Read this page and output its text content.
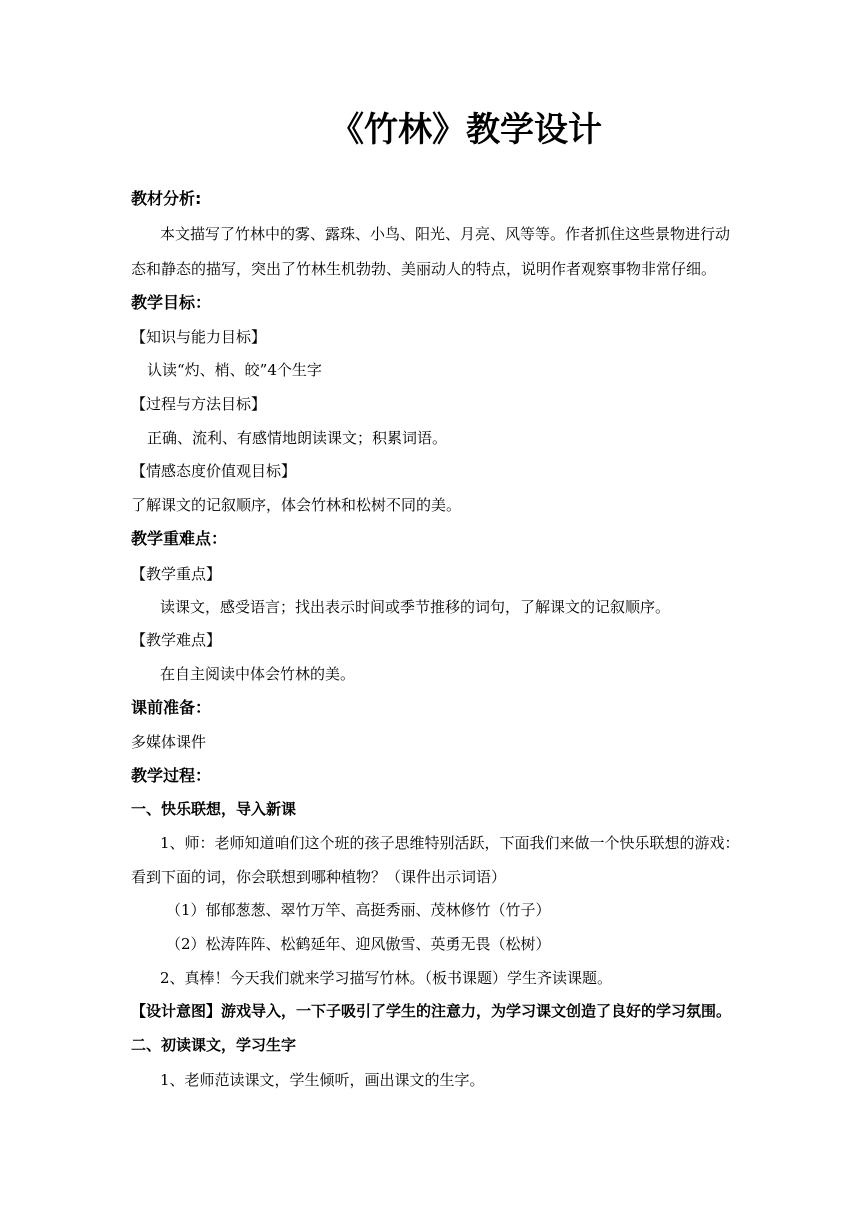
《竹林》教学设计
教材分析:
本文描写了竹林中的雾、露珠、小鸟、阳光、月亮、风等等。作者抓住这些景物进行动
态和静态的描写，突出了竹林生机勃勃、美丽动人的特点，说明作者观察事物非常仔细。
教学目标：
【知识与能力目标】
认读“灼、梢、皎”4个生字
【过程与方法目标】
正确、流利、有感情地朗读课文；积累词语。
【情感态度价值观目标】
了解课文的记叙顺序，体会竹林和松树不同的美。
教学重难点：
【教学重点】
读课文，感受语言；找出表示时间或季节推移的词句，了解课文的记叙顺序。
【教学难点】
在自主阅读中体会竹林的美。
课前准备：
多媒体课件
教学过程：
一、快乐联想，导入新课
1、师：老师知道咱们这个班的孩子思维特别活跃，下面我们来做一个快乐联想的游戏：
看到下面的词，你会联想到哪种植物？（课件出示词语）
（1）郁郁葱葱、翠竹万竿、高挺秀丽、茂林修竹（竹子）
（2）松涛阵阵、松鹤延年、迎风傲雪、英勇无畏（松树）
2、真棒！今天我们就来学习描写竹林。（板书课题）学生齐读课题。
【设计意图】游戏导入，一下子吸引了学生的注意力，为学习课文创造了良好的学习氛围。
二、初读课文，学习生字
1、老师范读课文，学生倾听，画出课文的生字。
